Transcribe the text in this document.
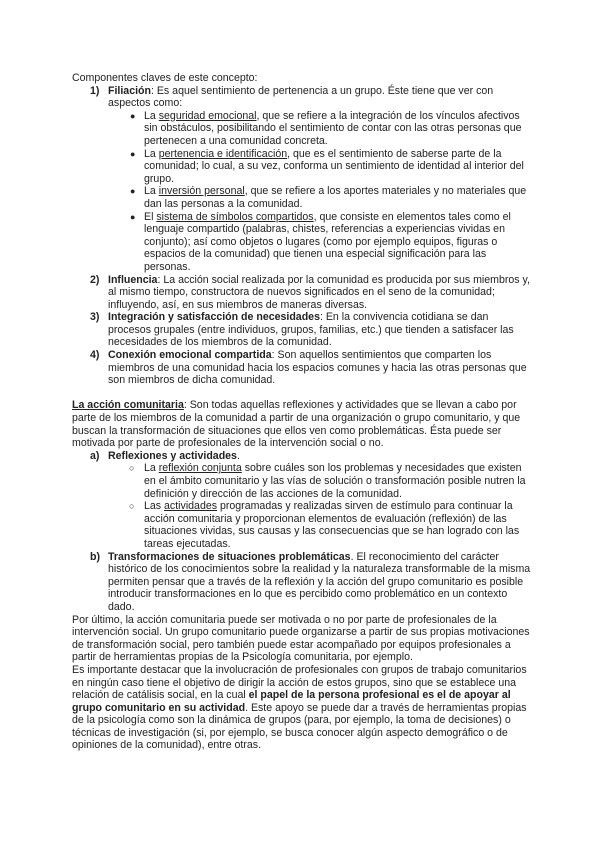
Componentes claves de este concepto:

1) Filiación: Es aquel sentimiento de pertenencia a un grupo. Éste tiene que ver con aspectos como:
● La seguridad emocional, que se refiere a la integración de los vínculos afectivos sin obstáculos, posibilitando el sentimiento de contar con las otras personas que pertenecen a una comunidad concreta.
● La pertenencia e identificación, que es el sentimiento de saberse parte de la comunidad; lo cual, a su vez, conforma un sentimiento de identidad al interior del grupo.
● La inversión personal, que se refiere a los aportes materiales y no materiales que dan las personas a la comunidad.
● El sistema de símbolos compartidos, que consiste en elementos tales como el lenguaje compartido (palabras, chistes, referencias a experiencias vividas en conjunto); así como objetos o lugares (como por ejemplo equipos, figuras o espacios de la comunidad) que tienen una especial significación para las personas.
2) Influencia: La acción social realizada por la comunidad es producida por sus miembros y, al mismo tiempo, constructora de nuevos significados en el seno de la comunidad; influyendo, así, en sus miembros de maneras diversas.
3) Integración y satisfacción de necesidades: En la convivencia cotidiana se dan procesos grupales (entre individuos, grupos, familias, etc.) que tienden a satisfacer las necesidades de los miembros de la comunidad.
4) Conexión emocional compartida: Son aquellos sentimientos que comparten los miembros de una comunidad hacia los espacios comunes y hacia las otras personas que son miembros de dicha comunidad.

La acción comunitaria: Son todas aquellas reflexiones y actividades que se llevan a cabo por parte de los miembros de la comunidad a partir de una organización o grupo comunitario, y que buscan la transformación de situaciones que ellos ven como problemáticas. Ésta puede ser motivada por parte de profesionales de la intervención social o no.

a) Reflexiones y actividades.
○ La reflexión conjunta sobre cuáles son los problemas y necesidades que existen en el ámbito comunitario y las vías de solución o transformación posible nutren la definición y dirección de las acciones de la comunidad.
○ Las actividades programadas y realizadas sirven de estímulo para continuar la acción comunitaria y proporcionan elementos de evaluación (reflexión) de las situaciones vividas, sus causas y las consecuencias que se han logrado con las tareas ejecutadas.
b) Transformaciones de situaciones problemáticas. El reconocimiento del carácter histórico de los conocimientos sobre la realidad y la naturaleza transformable de la misma permiten pensar que a través de la reflexión y la acción del grupo comunitario es posible introducir transformaciones en lo que es percibido como problemático en un contexto dado.

Por último, la acción comunitaria puede ser motivada o no por parte de profesionales de la intervención social. Un grupo comunitario puede organizarse a partir de sus propias motivaciones de transformación social, pero también puede estar acompañado por equipos profesionales a partir de herramientas propias de la Psicología comunitaria, por ejemplo.

Es importante destacar que la involucración de profesionales con grupos de trabajo comunitarios en ningún caso tiene el objetivo de dirigir la acción de estos grupos, sino que se establece una relación de catálisis social, en la cual el papel de la persona profesional es el de apoyar al grupo comunitario en su actividad. Este apoyo se puede dar a través de herramientas propias de la psicología como son la dinámica de grupos (para, por ejemplo, la toma de decisiones) o técnicas de investigación (si, por ejemplo, se busca conocer algún aspecto demográfico o de opiniones de la comunidad), entre otras.
